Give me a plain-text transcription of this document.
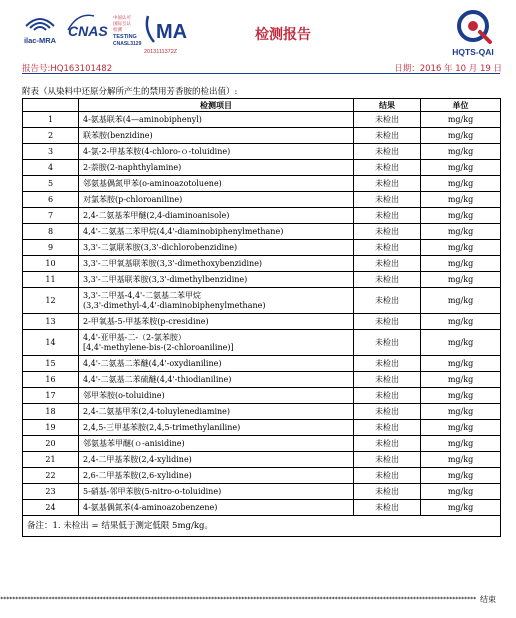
ilac-MRA
CNAS
中国认可
国际互认
检测
TESTING
CNASL3129
MA
2013111372Z	HQTS-QAI
检测报告
报告号:HQ163101482	日期：2016 年 10 月 19 日
附表（从染料中还原分解所产生的禁用芳香胺的检出值）:
	检测项目	结果	单位
1	4-氨基联苯(4—aminobiphenyl)	未检出	mg/kg
2	联苯胺(benzidine)	未检出	mg/kg
3	4-氯-2-甲基苯胺(4-chloro-ｏ-toluidine)	未检出	mg/kg
4	2-萘胺(2-naphthylamine)	未检出	mg/kg
5	邻氨基偶氮甲苯(o-aminoazotoluene)	未检出	mg/kg
6	对氯苯胺(p-chloroaniline)	未检出	mg/kg
7	2,4-二氨基苯甲醚(2,4-diaminoanisole)	未检出	mg/kg
8	4,4'-二氨基二苯甲烷(4,4'-diaminobiphenylmethane)	未检出	mg/kg
9	3,3'-二氯联苯胺(3,3'-dichlorobenzidine)	未检出	mg/kg
10	3,3'-二甲氧基联苯胺(3,3'-dimethoxybenzidine)	未检出	mg/kg
11	3,3'-二甲基联苯胺(3,3'-dimethylbenzidine)	未检出	mg/kg
12	3,3'-二甲基-4,4'-二氨基二苯甲烷
(3,3'-dimethyl-4,4'-diaminobiphenylmethane)	未检出	mg/kg
13	2-甲氧基-5-甲基苯胺(p-cresidine)	未检出	mg/kg
14	4,4'-亚甲基-二-（2-氯苯胺）
[4,4'-methylene-bis-(2-chloroaniline)]	未检出	mg/kg
15	4,4'-二氨基二苯醚(4,4'-oxydianiline)	未检出	mg/kg
16	4,4'-二氨基二苯硫醚(4,4'-thiodianiline)	未检出	mg/kg
17	邻甲苯胺(o-toluidine)	未检出	mg/kg
18	2,4-二氨基甲苯(2,4-toluylenediamine)	未检出	mg/kg
19	2,4,5-三甲基苯胺(2,4,5-trimethylaniline)	未检出	mg/kg
20	邻氨基苯甲醚(ｏ-anisidine)	未检出	mg/kg
21	2,4-二甲基苯胺(2,4-xylidine)	未检出	mg/kg
22	2,6-二甲基苯胺(2,6-xylidine)	未检出	mg/kg
23	5-硝基-邻甲苯胺(5-nitro-o-toluidine)	未检出	mg/kg
24	4-氨基偶氮苯(4-aminoazobenzene)	未检出	mg/kg
备注：1. 未检出 = 结果低于测定低限 5mg/kg。			
************************************************************************************************************************************************************** 结束
